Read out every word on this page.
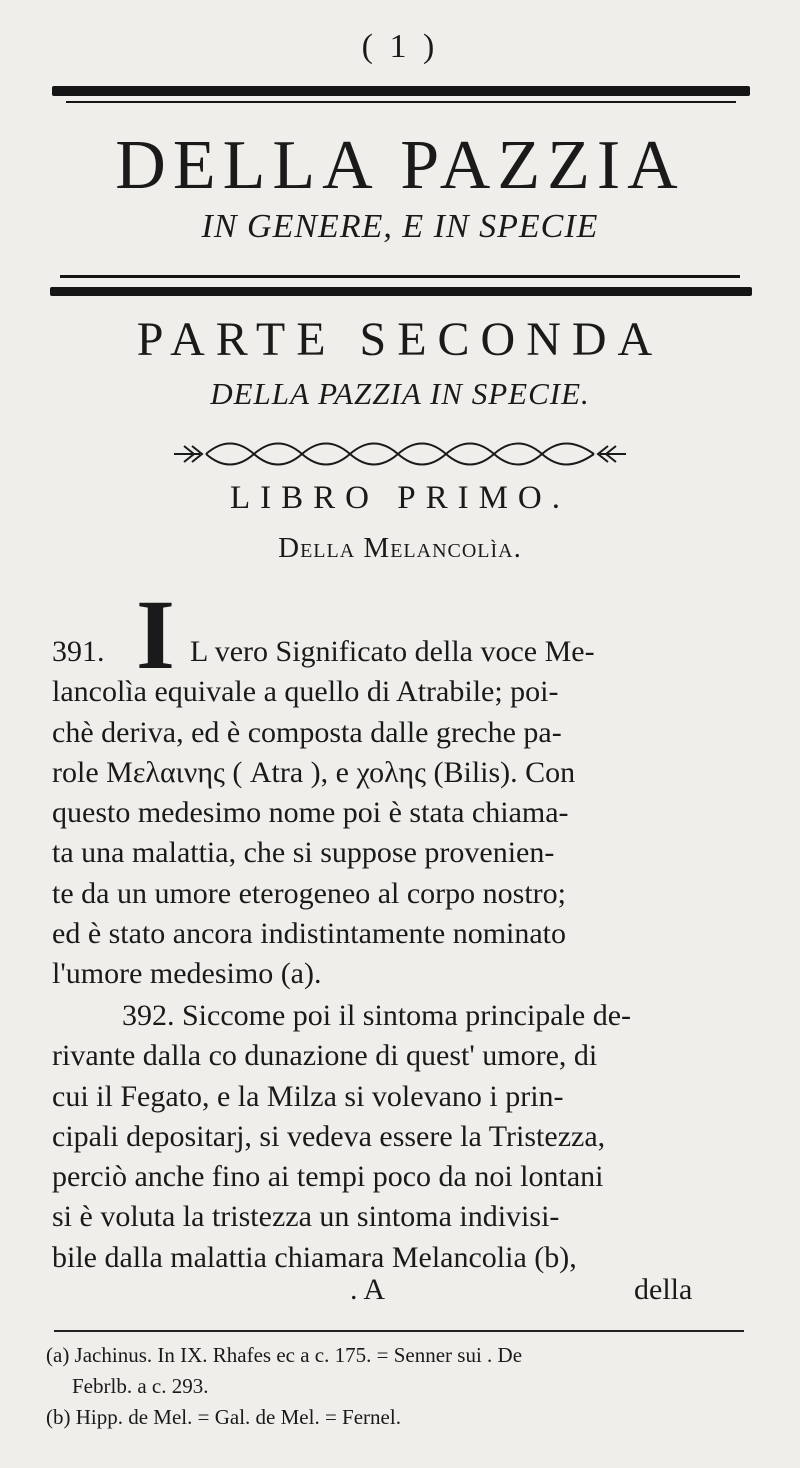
( 1 )
DELLA PAZZIA
IN GENERE, E IN SPECIE
PARTE SECONDA
DELLA PAZZIA IN SPECIE.
LIBRO PRIMO.
Della Melancolìa.
I
391.	L vero Significato della voce Me-
lancolìa equivale a quello di Atrabile; poi-
chè deriva, ed è composta dalle greche pa-
role Μελαινης ( Atra ), e χολης (Bilis). Con
questo medesimo nome poi è stata chiama-
ta una malattia, che si suppose provenien-
te da un umore eterogeneo al corpo nostro;
ed è stato ancora indistintamente nominato
l'umore medesimo (a).
392. Siccome poi il sintoma principale de-
rivante dalla co dunazione di quest' umore, di
cui il Fegato, e la Milza si volevano i prin-
cipali depositarj, si vedeva essere la Tristezza,
perciò anche fino ai tempi poco da noi lontani
si è voluta la tristezza un sintoma indivisi-
bile dalla malattia chiamara Melancolia (b),
. A	della
(a) Jachinus. In IX. Rhafes ec a c. 175. = Senner sui . De
Febrlb. a c. 293.
(b) Hipp. de Mel. = Gal. de Mel. = Fernel.
